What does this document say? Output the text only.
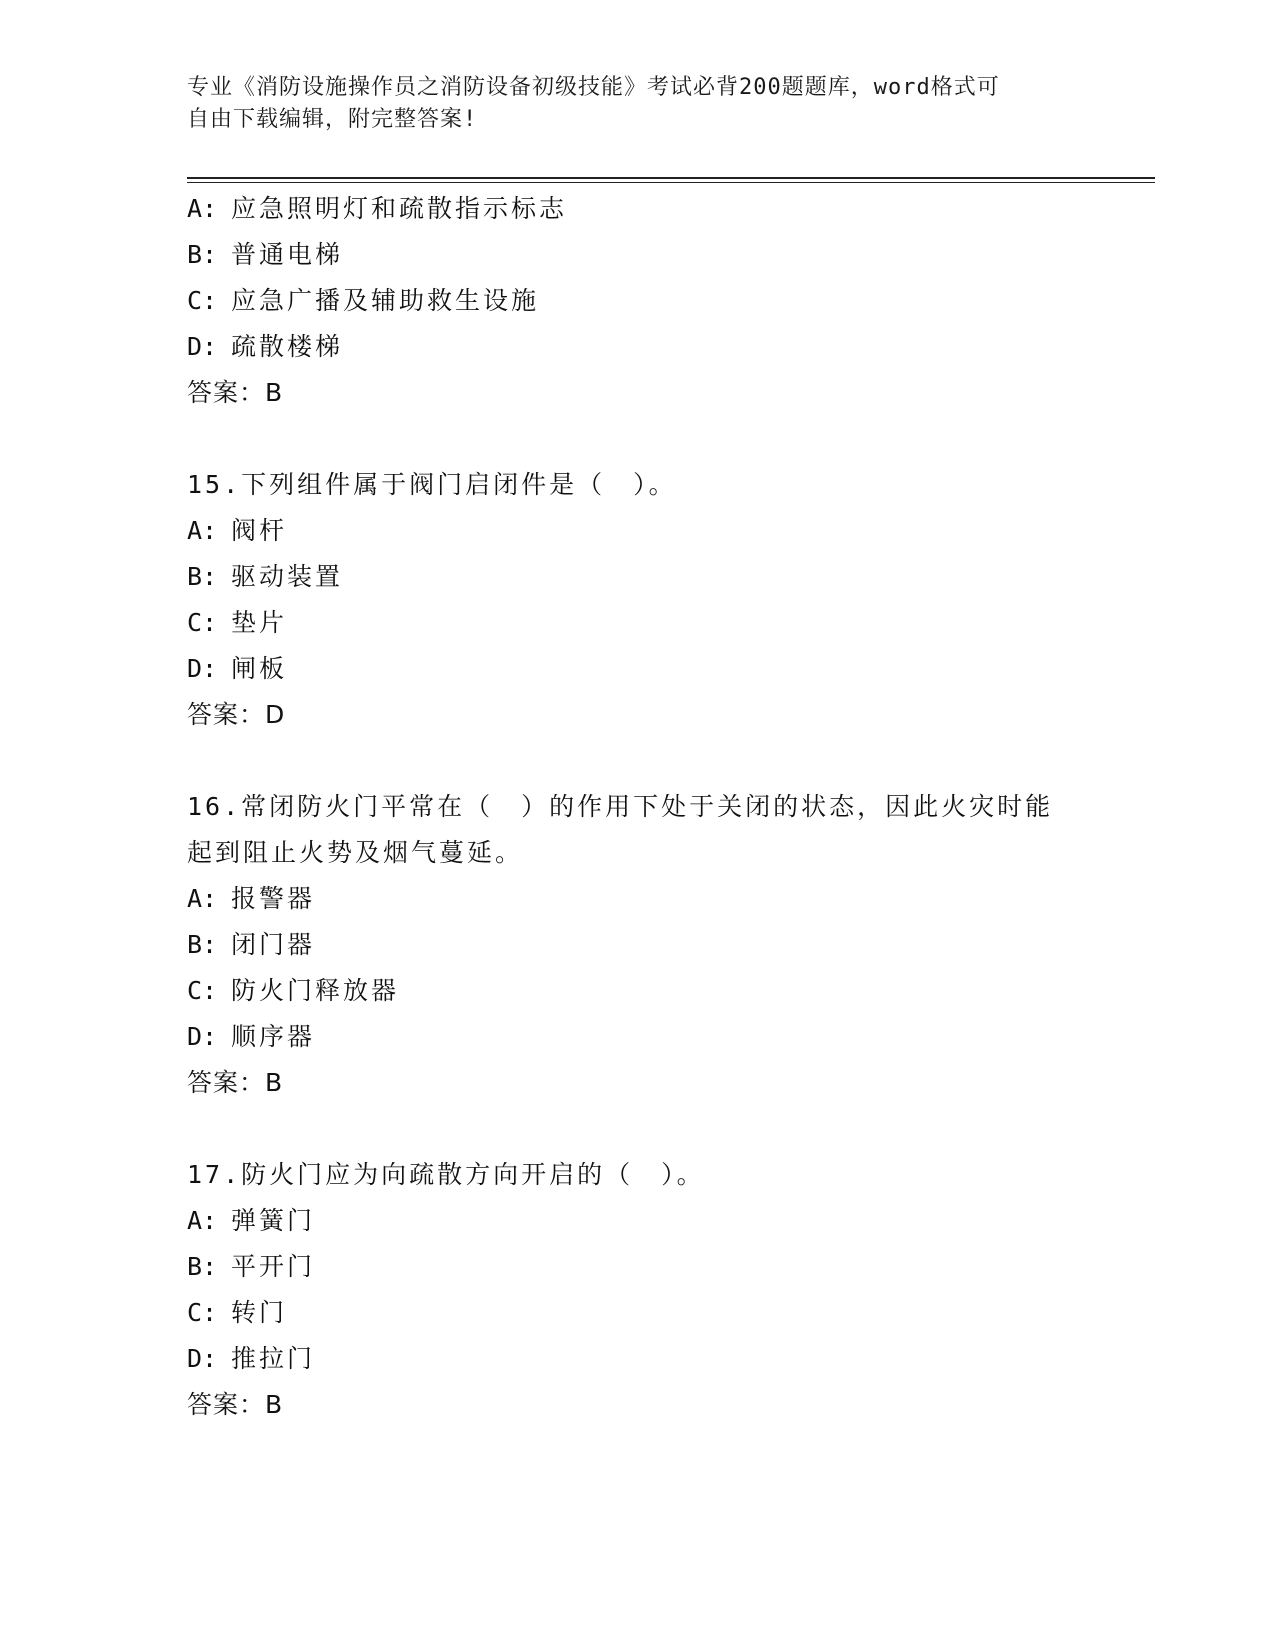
专业《消防设施操作员之消防设备初级技能》考试必背200题题库，word格式可
自由下载编辑，附完整答案!
A: 应急照明灯和疏散指示标志
B: 普通电梯
C: 应急广播及辅助救生设施
D: 疏散楼梯
答案：B
15.下列组件属于阀门启闭件是（　）。
A: 阀杆
B: 驱动装置
C: 垫片
D: 闸板
答案：D
16.常闭防火门平常在（　）的作用下处于关闭的状态，因此火灾时能
起到阻止火势及烟气蔓延。
A: 报警器
B: 闭门器
C: 防火门释放器
D: 顺序器
答案：B
17.防火门应为向疏散方向开启的（　）。
A: 弹簧门
B: 平开门
C: 转门
D: 推拉门
答案：B
